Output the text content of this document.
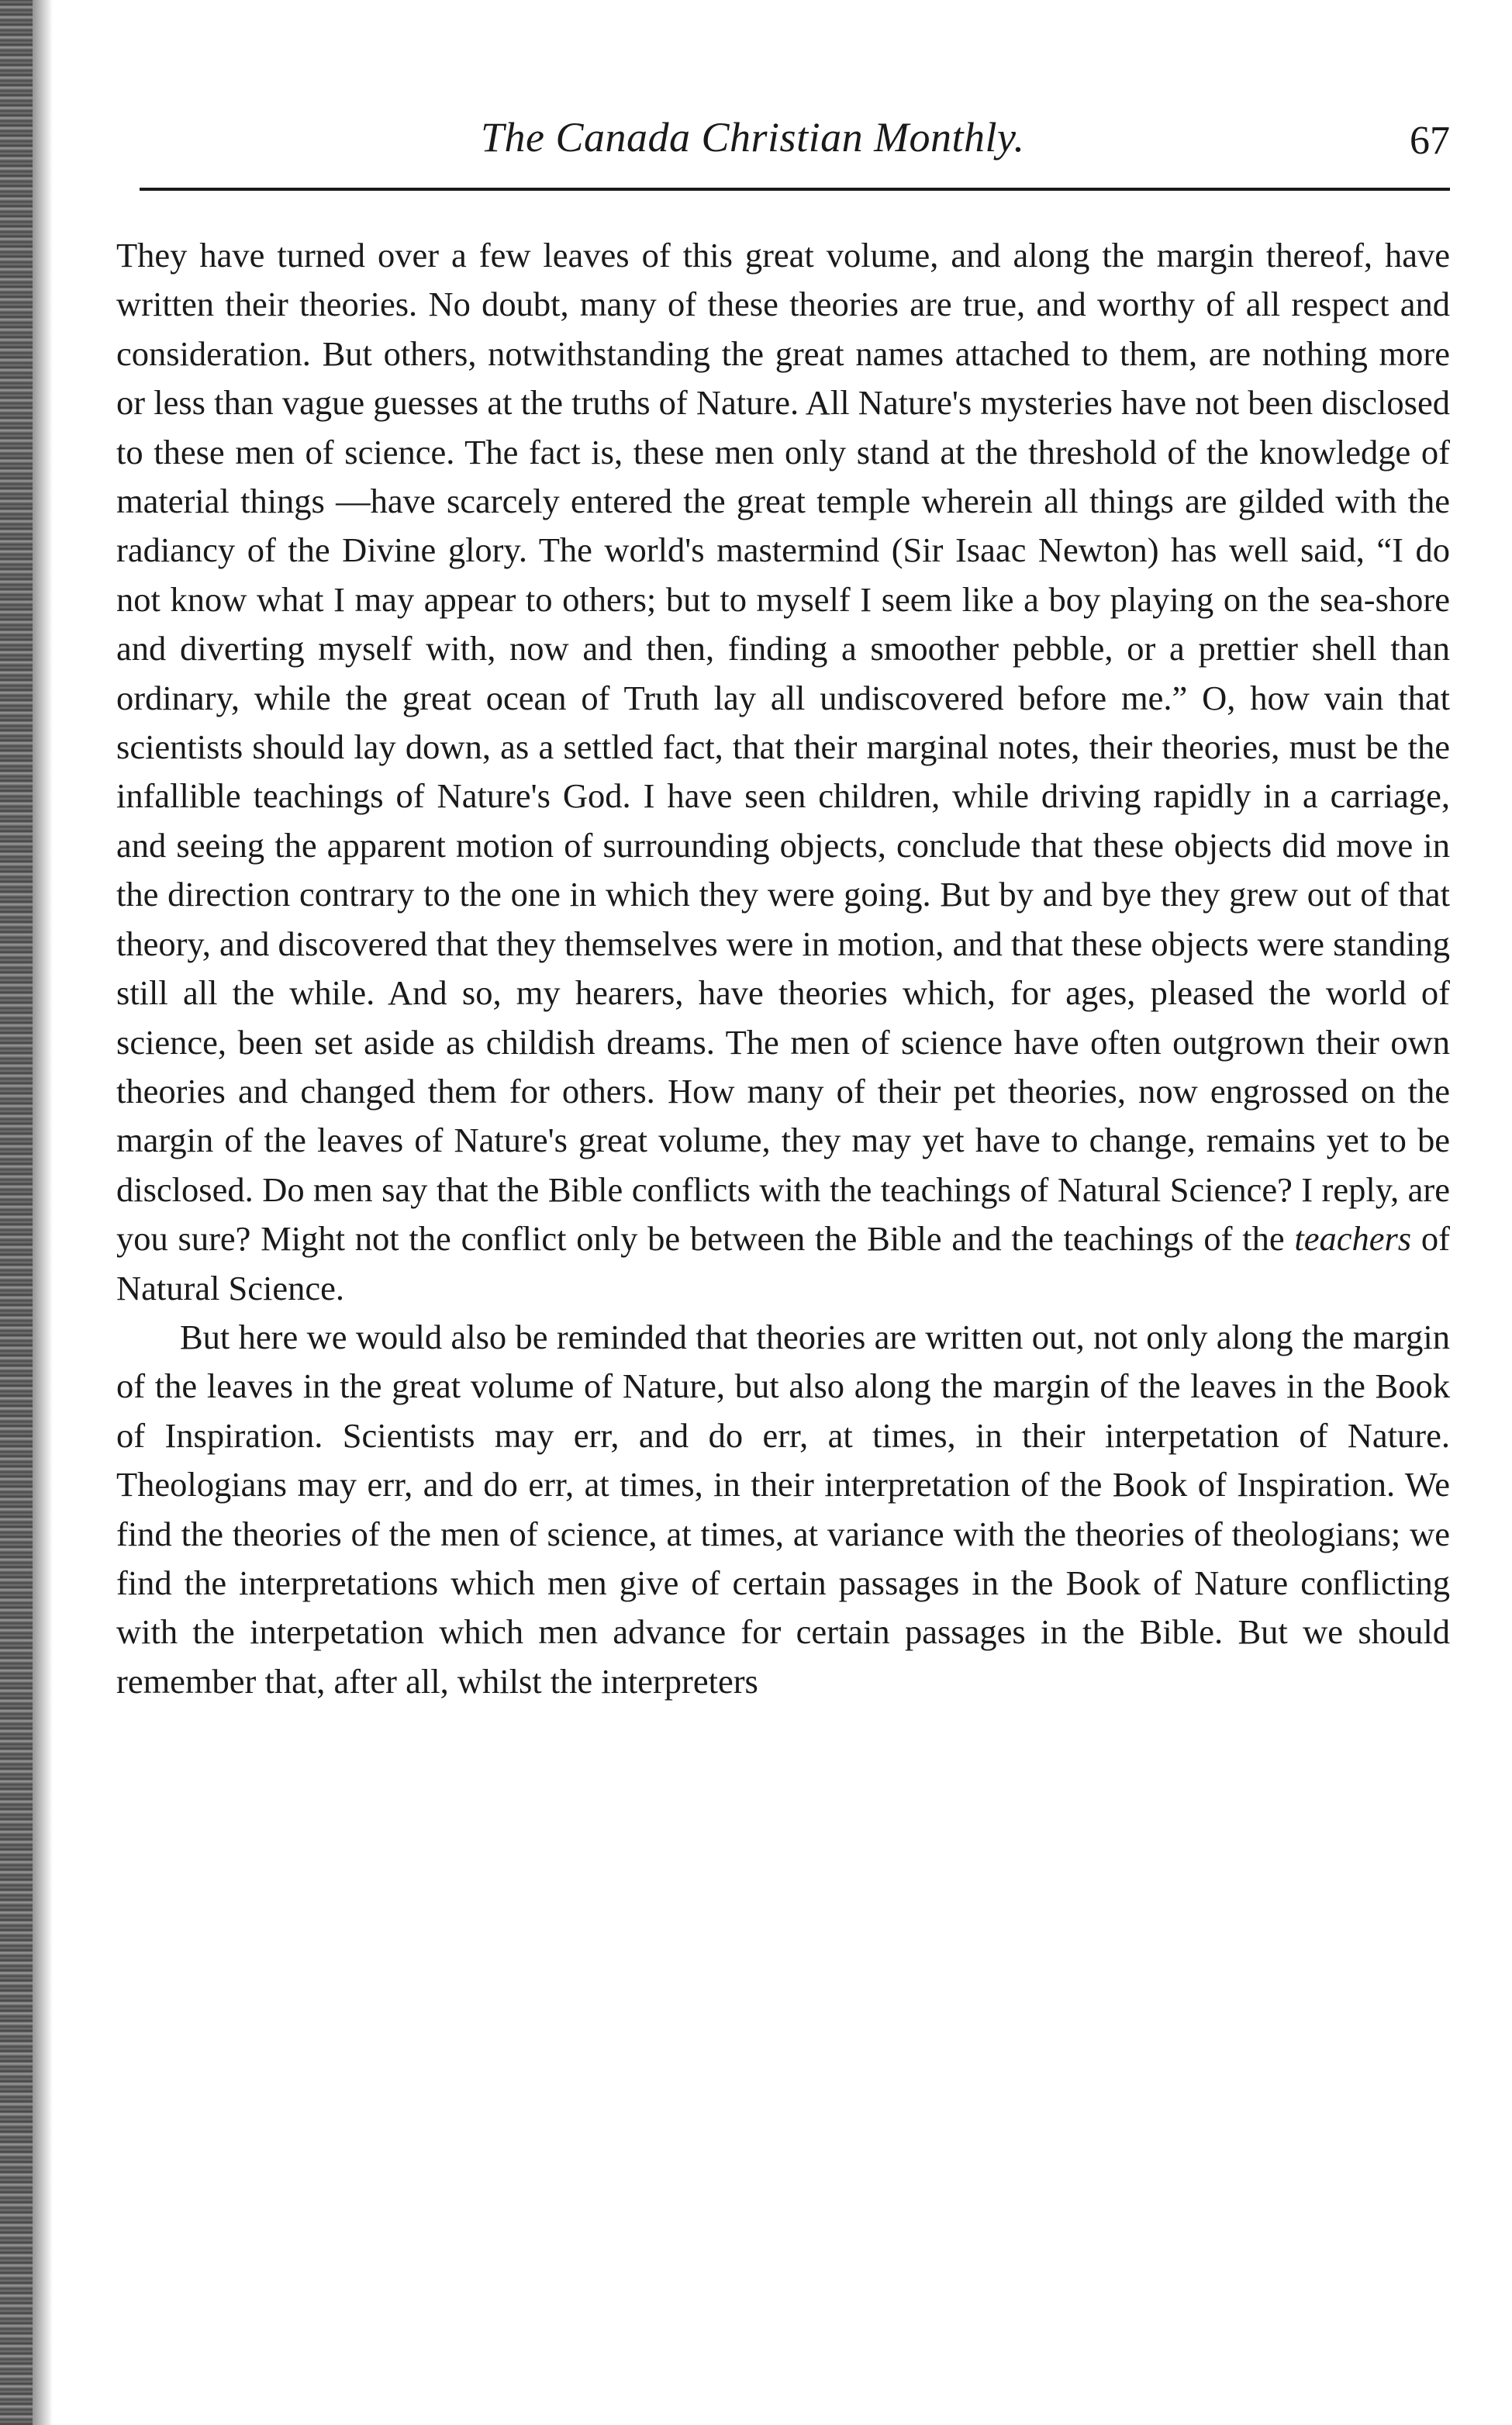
The Canada Christian Monthly.	67

They have turned over a few leaves of this great volume, and along the margin thereof, have written their theories. No doubt, many of these theories are true, and worthy of all respect and consideration. But others, notwithstanding the great names attached to them, are nothing more or less than vague guesses at the truths of Nature. All Nature's mysteries have not been disclosed to these men of science. The fact is, these men only stand at the threshold of the knowledge of material things —have scarcely entered the great temple wherein all things are gilded with the radiancy of the Divine glory. The world's mastermind (Sir Isaac Newton) has well said, “I do not know what I may appear to others; but to myself I seem like a boy playing on the sea-shore and diverting myself with, now and then, finding a smoother pebble, or a prettier shell than ordinary, while the great ocean of Truth lay all undiscovered before me.” O, how vain that scientists should lay down, as a settled fact, that their marginal notes, their theories, must be the infallible teachings of Nature's God. I have seen children, while driving rapidly in a carriage, and seeing the apparent motion of surrounding objects, conclude that these objects did move in the direction contrary to the one in which they were going. But by and bye they grew out of that theory, and discovered that they themselves were in motion, and that these objects were standing still all the while. And so, my hearers, have theories which, for ages, pleased the world of science, been set aside as childish dreams. The men of science have often outgrown their own theories and changed them for others. How many of their pet theories, now engrossed on the margin of the leaves of Nature's great volume, they may yet have to change, remains yet to be disclosed. Do men say that the Bible conflicts with the teachings of Natural Science? I reply, are you sure? Might not the conflict only be between the Bible and the teachings of the teachers of Natural Science.

But here we would also be reminded that theories are written out, not only along the margin of the leaves in the great volume of Nature, but also along the margin of the leaves in the Book of Inspiration. Scientists may err, and do err, at times, in their interpetation of Nature. Theologians may err, and do err, at times, in their interpretation of the Book of Inspiration. We find the theories of the men of science, at times, at variance with the theories of theologians; we find the interpretations which men give of certain passages in the Book of Nature conflicting with the interpetation which men advance for certain passages in the Bible. But we should remember that, after all, whilst the interpreters
